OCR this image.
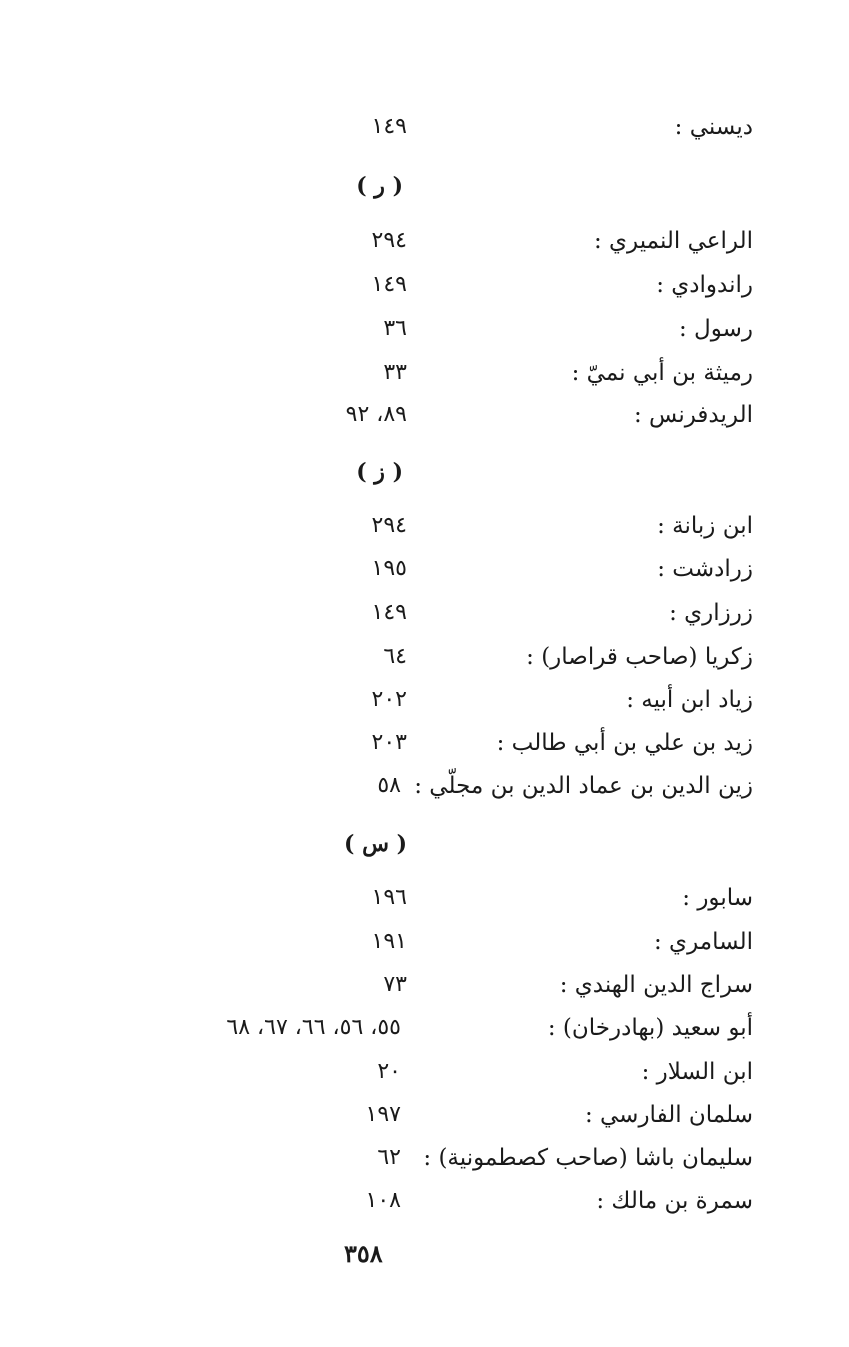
ديسني :
١٤٩
( ر )
الراعي النميري :
٢٩٤
راندوادي :
١٤٩
رسول :
٣٦
رميثة بن أبي نميّ :
٣٣
الريدفرنس :
٨٩، ٩٢
( ز )
ابن زبانة :
٢٩٤
زرادشت :
١٩٥
زرزاري :
١٤٩
زكريا (صاحب قراصار) :
٦٤
زياد ابن أبيه :
٢٠٢
زيد بن علي بن أبي طالب :
٢٠٣
زين الدين بن عماد الدين بن مجلّي :
٥٨
( س )
سابور :
١٩٦
السامري :
١٩١
سراج الدين الهندي :
٧٣
أبو سعيد (بهادرخان) :
٥٥، ٥٦، ٦٦، ٦٧، ٦٨
ابن السلار :
٢٠
سلمان الفارسي :
١٩٧
سليمان باشا (صاحب كصطمونية) :
٦٢
سمرة بن مالك :
١٠٨
٣٥٨
